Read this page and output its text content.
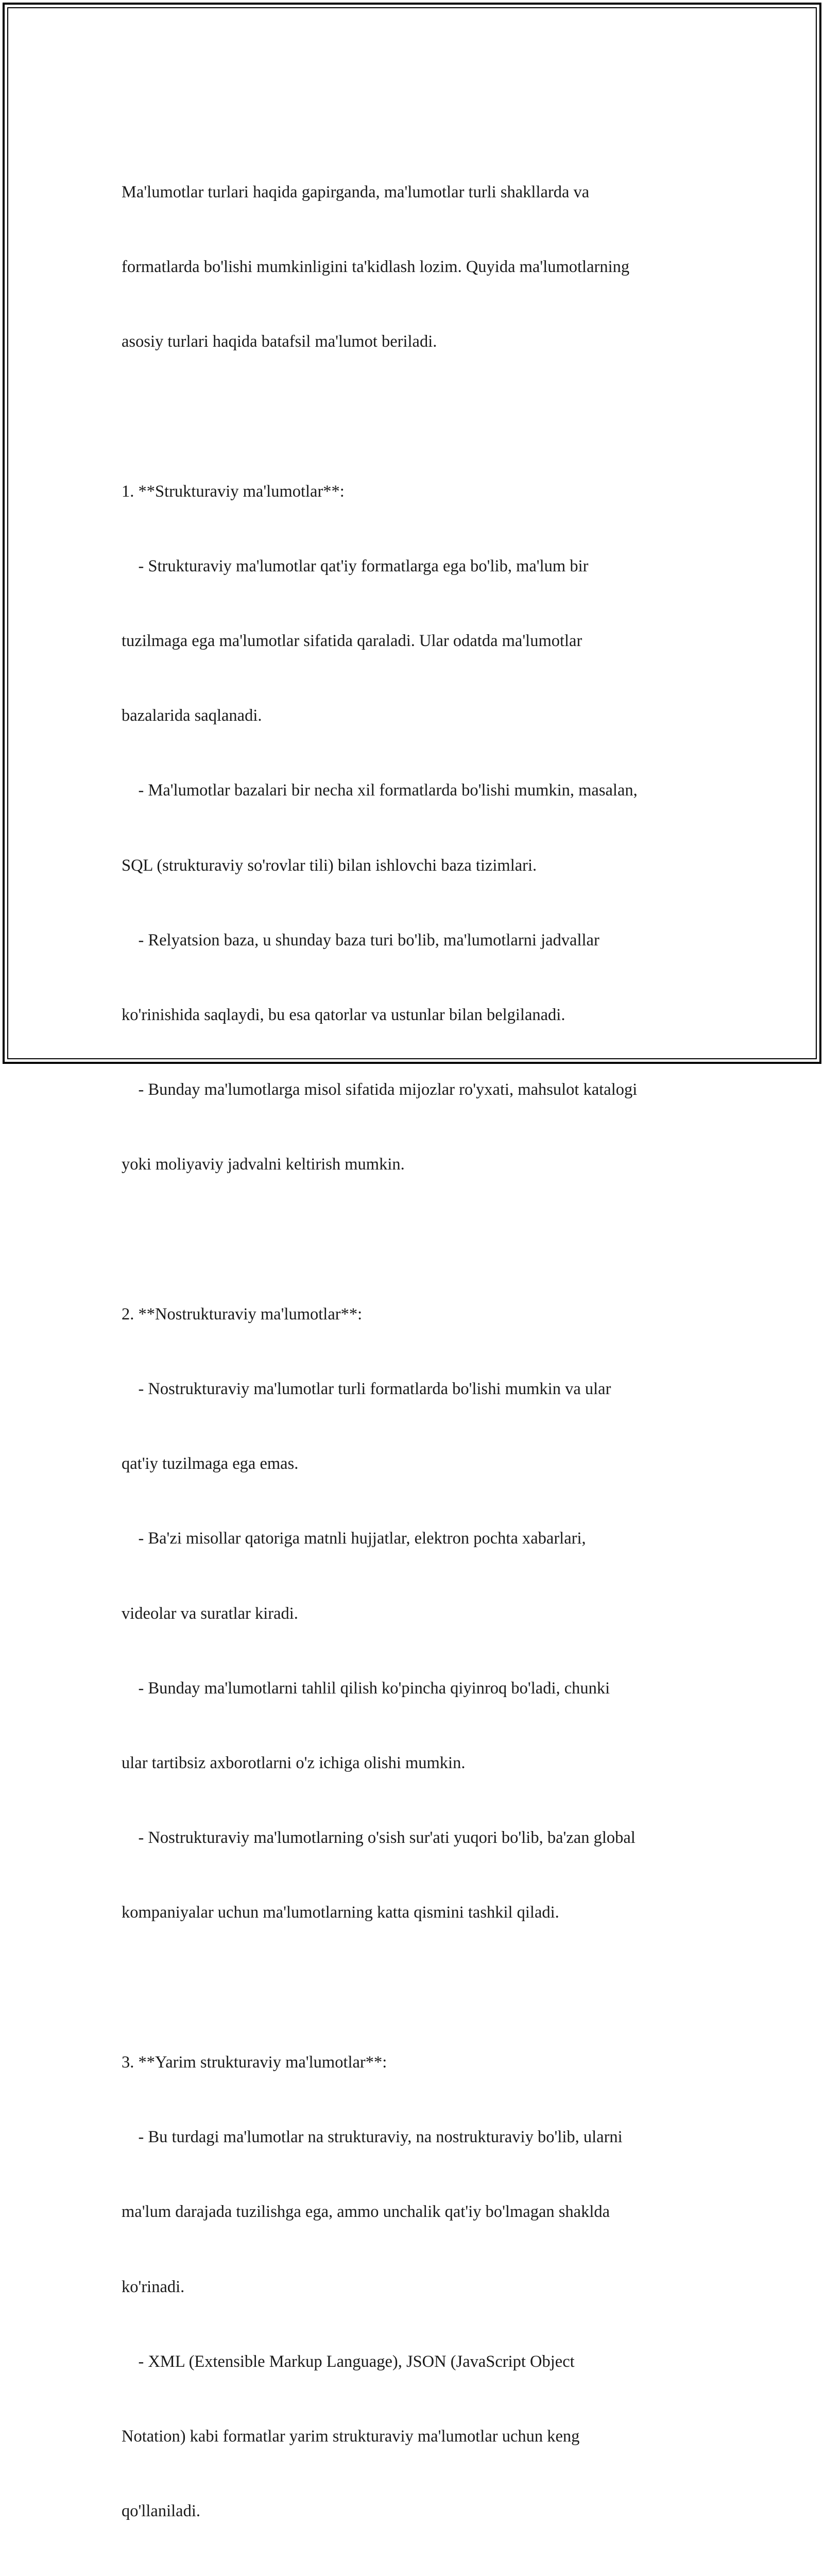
Ma'lumotlar turlari haqida gapirganda, ma'lumotlar turli shakllarda va

formatlarda bo'lishi mumkinligini ta'kidlash lozim. Quyida ma'lumotlarning

asosiy turlari haqida batafsil ma'lumot beriladi.

1. **Strukturaviy ma'lumotlar**:

- Strukturaviy ma'lumotlar qat'iy formatlarga ega bo'lib, ma'lum bir

tuzilmaga ega ma'lumotlar sifatida qaraladi. Ular odatda ma'lumotlar

bazalarida saqlanadi.

- Ma'lumotlar bazalari bir necha xil formatlarda bo'lishi mumkin, masalan,

SQL (strukturaviy so'rovlar tili) bilan ishlovchi baza tizimlari.

- Relyatsion baza, u shunday baza turi bo'lib, ma'lumotlarni jadvallar

ko'rinishida saqlaydi, bu esa qatorlar va ustunlar bilan belgilanadi.

- Bunday ma'lumotlarga misol sifatida mijozlar ro'yxati, mahsulot katalogi

yoki moliyaviy jadvalni keltirish mumkin.

2. **Nostrukturaviy ma'lumotlar**:

- Nostrukturaviy ma'lumotlar turli formatlarda bo'lishi mumkin va ular

qat'iy tuzilmaga ega emas.

- Ba'zi misollar qatoriga matnli hujjatlar, elektron pochta xabarlari,

videolar va suratlar kiradi.

- Bunday ma'lumotlarni tahlil qilish ko'pincha qiyinroq bo'ladi, chunki

ular tartibsiz axborotlarni o'z ichiga olishi mumkin.

- Nostrukturaviy ma'lumotlarning o'sish sur'ati yuqori bo'lib, ba'zan global

kompaniyalar uchun ma'lumotlarning katta qismini tashkil qiladi.

3. **Yarim strukturaviy ma'lumotlar**:

- Bu turdagi ma'lumotlar na strukturaviy, na nostrukturaviy bo'lib, ularni

ma'lum darajada tuzilishga ega, ammo unchalik qat'iy bo'lmagan shaklda

ko'rinadi.

- XML (Extensible Markup Language), JSON (JavaScript Object

Notation) kabi formatlar yarim strukturaviy ma'lumotlar uchun keng

qo'llaniladi.
